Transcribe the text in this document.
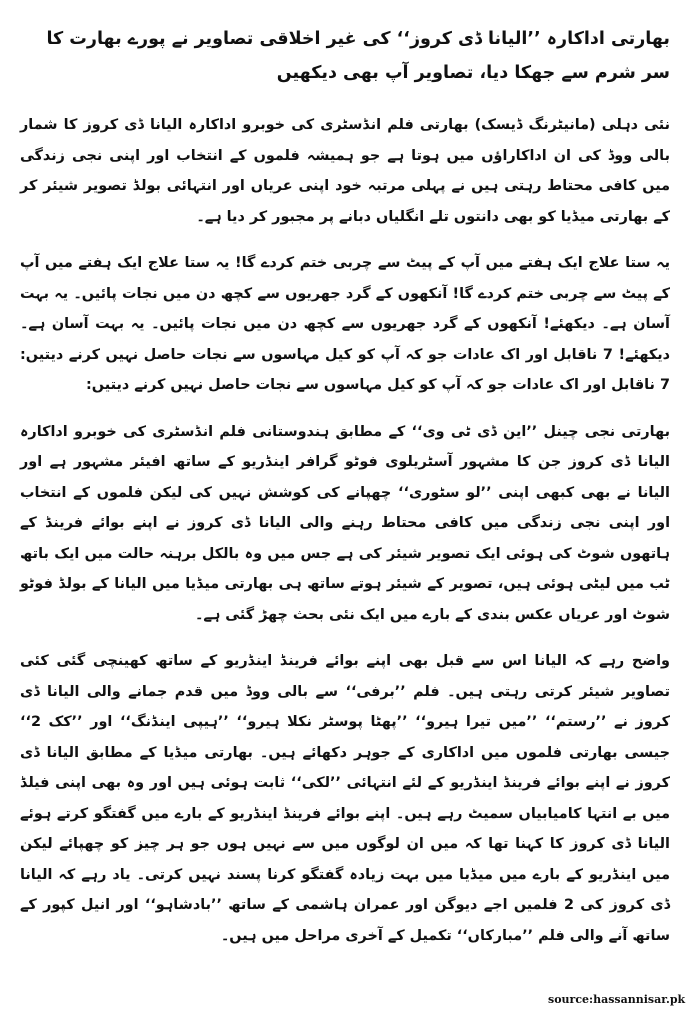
بھارتی اداکارہ ’’الیانا ڈی کروز‘‘ کی غیر اخلاقی تصاویر نے پورے بھارت کا سر شرم سے جھکا دیا، تصاویر آپ بھی دیکھیں

نئی دہلی (مانیٹرنگ ڈیسک) بھارتی فلم انڈسٹری کی خوبرو اداکارہ الیانا ڈی کروز کا شمار بالی ووڈ کی ان اداکاراؤں میں ہوتا ہے جو ہمیشہ فلموں کے انتخاب اور اپنی نجی زندگی میں کافی محتاط رہتی ہیں نے پہلی مرتبہ خود اپنی عریاں اور انتہائی بولڈ تصویر شیئر کر کے بھارتی میڈیا کو بھی دانتوں تلے انگلیاں دبانے پر مجبور کر دیا ہے۔

یہ ستا علاج ایک ہفتے میں آپ کے پیٹ سے چربی ختم کردے گا! یہ ستا علاج ایک ہفتے میں آپ کے پیٹ سے چربی ختم کردے گا! آنکھوں کے گرد جھریوں سے کچھ دن میں نجات پائیں۔ یہ بہت آسان ہے۔ دیکھئے! آنکھوں کے گرد جھریوں سے کچھ دن میں نجات پائیں۔ یہ بہت آسان ہے۔ دیکھئے! 7 ناقابل اور اک عادات جو کہ آپ کو کیل مہاسوں سے نجات حاصل نہیں کرنے دیتیں: 7 ناقابل اور اک عادات جو کہ آپ کو کیل مہاسوں سے نجات حاصل نہیں کرنے دیتیں:

بھارتی نجی چینل ’’این ڈی ٹی وی‘‘ کے مطابق ہندوستانی فلم انڈسٹری کی خوبرو اداکارہ الیانا ڈی کروز جن کا مشہور آسٹریلوی فوٹو گرافر اینڈریو کے ساتھ افیئر مشہور ہے اور الیانا نے بھی کبھی اپنی ’’لو سٹوری‘‘ چھپانے کی کوشش نہیں کی لیکن فلموں کے انتخاب اور اپنی نجی زندگی میں کافی محتاط رہنے والی الیانا ڈی کروز نے اپنے بوائے فرینڈ کے ہاتھوں شوٹ کی ہوئی ایک تصویر شیئر کی ہے جس میں وہ بالکل برہنہ حالت میں ایک باتھ ٹب میں لیٹی ہوئی ہیں، تصویر کے شیئر ہوتے ساتھ ہی بھارتی میڈیا میں الیانا کے بولڈ فوٹو شوٹ اور عریاں عکس بندی کے بارے میں ایک نئی بحث چھڑ گئی ہے۔

واضح رہے کہ الیانا اس سے قبل بھی اپنے بوائے فرینڈ اینڈریو کے ساتھ کھینچی گئی کئی تصاویر شیئر کرتی رہتی ہیں۔ فلم ’’برفی‘‘ سے بالی ووڈ میں قدم جمانے والی الیانا ڈی کروز نے ’’رستم‘‘ ’’میں تیرا ہیرو‘‘ ’’پھٹا پوسٹر نکلا ہیرو‘‘ ’’ہیپی اینڈنگ‘‘ اور ’’کک 2‘‘ جیسی بھارتی فلموں میں اداکاری کے جوہر دکھائے ہیں۔ بھارتی میڈیا کے مطابق الیانا ڈی کروز نے اپنے بوائے فرینڈ اینڈریو کے لئے انتہائی ’’لکی‘‘ ثابت ہوئی ہیں اور وہ بھی اپنی فیلڈ میں بے انتہا کامیابیاں سمیٹ رہے ہیں۔ اپنے بوائے فرینڈ اینڈریو کے بارے میں گفتگو کرتے ہوئے الیانا ڈی کروز کا کہنا تھا کہ میں ان لوگوں میں سے نہیں ہوں جو ہر چیز کو چھپائے لیکن میں اینڈریو کے بارے میں میڈیا میں بہت زیادہ گفتگو کرنا پسند نہیں کرتی۔ یاد رہے کہ الیانا ڈی کروز کی 2 فلمیں اجے دیوگن اور عمران ہاشمی کے ساتھ ’’بادشاہو‘‘ اور انیل کپور کے ساتھ آنے والی فلم ’’مبارکاں‘‘ تکمیل کے آخری مراحل میں ہیں۔

source:hassannisar.pk
